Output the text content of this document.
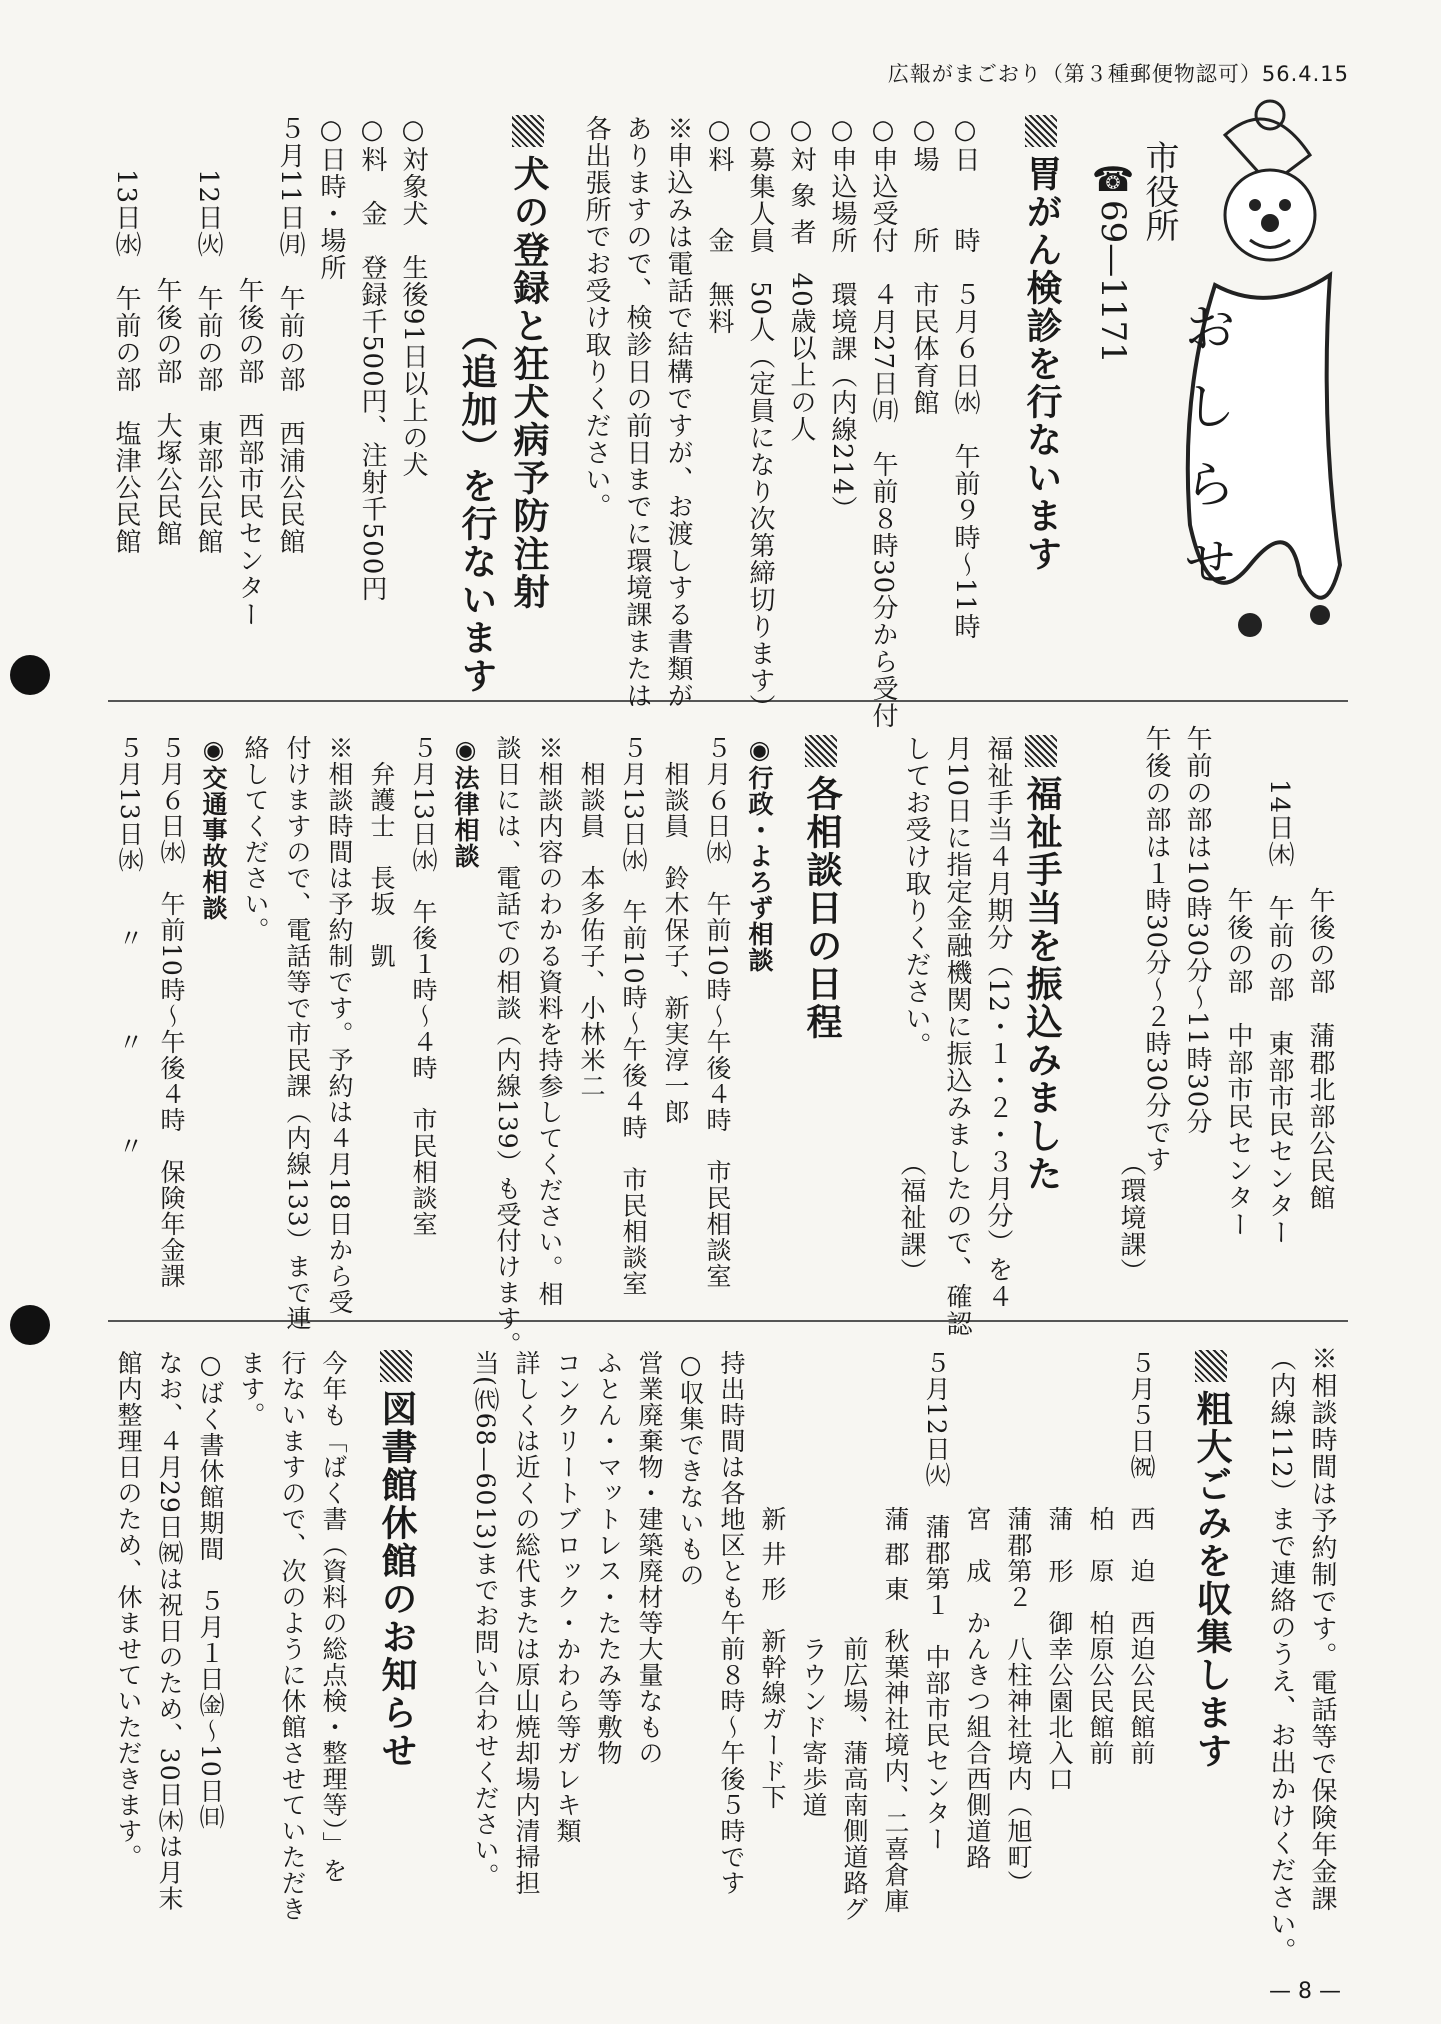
広報がまごおり（第３種郵便物認可）56.4.15
お
し
ら
せ
市役所
☎69—1171
胃がん検診を行ないます
○日　　時　５月６日㈬　午前９時〜11時
○場　　所　市民体育館
○申込受付　４月27日㈪　午前８時30分から受付
○申込場所　環境課（内線214）
○対 象 者　40歳以上の人
○募集人員　50人（定員になり次第締切ります）
○料　　金　無料
※申込みは電話で結構ですが、お渡しする書類が
ありますので、検診日の前日までに環境課または
各出張所でお受け取りください。
犬の登録と狂犬病予防注射
（追加）を行ないます
○対象犬　生後91日以上の犬
○料　金　登録千500円、注射千500円
○日時・場所
５月11日㈪　午前の部　西浦公民館
　　　　　　午後の部　西部市民センター
　　12日㈫　午前の部　東部公民館
　　　　　　午後の部　大塚公民館
　　13日㈬　午前の部　塩津公民館
　　　　　　午後の部　蒲郡北部公民館
　　14日㈭　午前の部　東部市民センター
　　　　　　午後の部　中部市民センター
午前の部は10時30分〜11時30分
午後の部は１時30分〜２時30分です
（環境課）
福祉手当を振込みました
福祉手当４月期分（12・１・２・３月分）を４
月10日に指定金融機関に振込みましたので、確認
してお受け取りください。
（福祉課）
各相談日の日程
◉行政・よろず相談
５月６日㈬　午前10時〜午後４時　市民相談室
　相談員　鈴木保子、新実淳一郎
５月13日㈬　午前10時〜午後４時　市民相談室
　相談員　本多佑子、小林米二
※相談内容のわかる資料を持参してください。相
談日には、電話での相談（内線139）も受付けます。
◉法律相談
５月13日㈬　午後１時〜４時　市民相談室
　弁護士　長坂　凱
※相談時間は予約制です。予約は４月18日から受
付けますので、電話等で市民課（内線133）まで連
絡してください。
◉交通事故相談
５月６日㈬　午前10時〜午後４時　保険年金課
５月13日㈬　　〃　　　〃　　　〃
※相談時間は予約制です。電話等で保険年金課
（内線112）まで連絡のうえ、お出かけください。
粗大ごみを収集します
５月５日㈷　西　迫　西迫公民館前
　　　　　　柏　原　柏原公民館前
　　　　　　蒲　形　御幸公園北入口
　　　　　　蒲郡第２　八柱神社境内（旭町）
　　　　　　宮　成　かんきつ組合西側道路
５月12日㈫　蒲郡第１　中部市民センター
　　　　　　蒲 郡 東　秋葉神社境内、二喜倉庫
　　　　　　　　　　　前広場、蒲高南側道路グ
　　　　　　　　　　　ラウンド寄歩道
　　　　　　新 井 形　新幹線ガード下
持出時間は各地区とも午前８時〜午後５時です
○収集できないもの
営業廃棄物・建築廃材等大量なもの
ふとん・マットレス・たたみ等敷物
コンクリートブロック・かわら等ガレキ類
詳しくは近くの総代または原山焼却場内清掃担
当(㈹68—6013)までお問い合わせください。
図書館休館のお知らせ
今年も「ばく書（資料の総点検・整理等）」を
行ないますので、次のように休館させていただき
ます。
○ばく書休館期間　５月１日㈮〜10日㈰
なお、４月29日㈷は祝日のため、30日㈭は月末
館内整理日のため、休ませていただきます。
— 8 —
